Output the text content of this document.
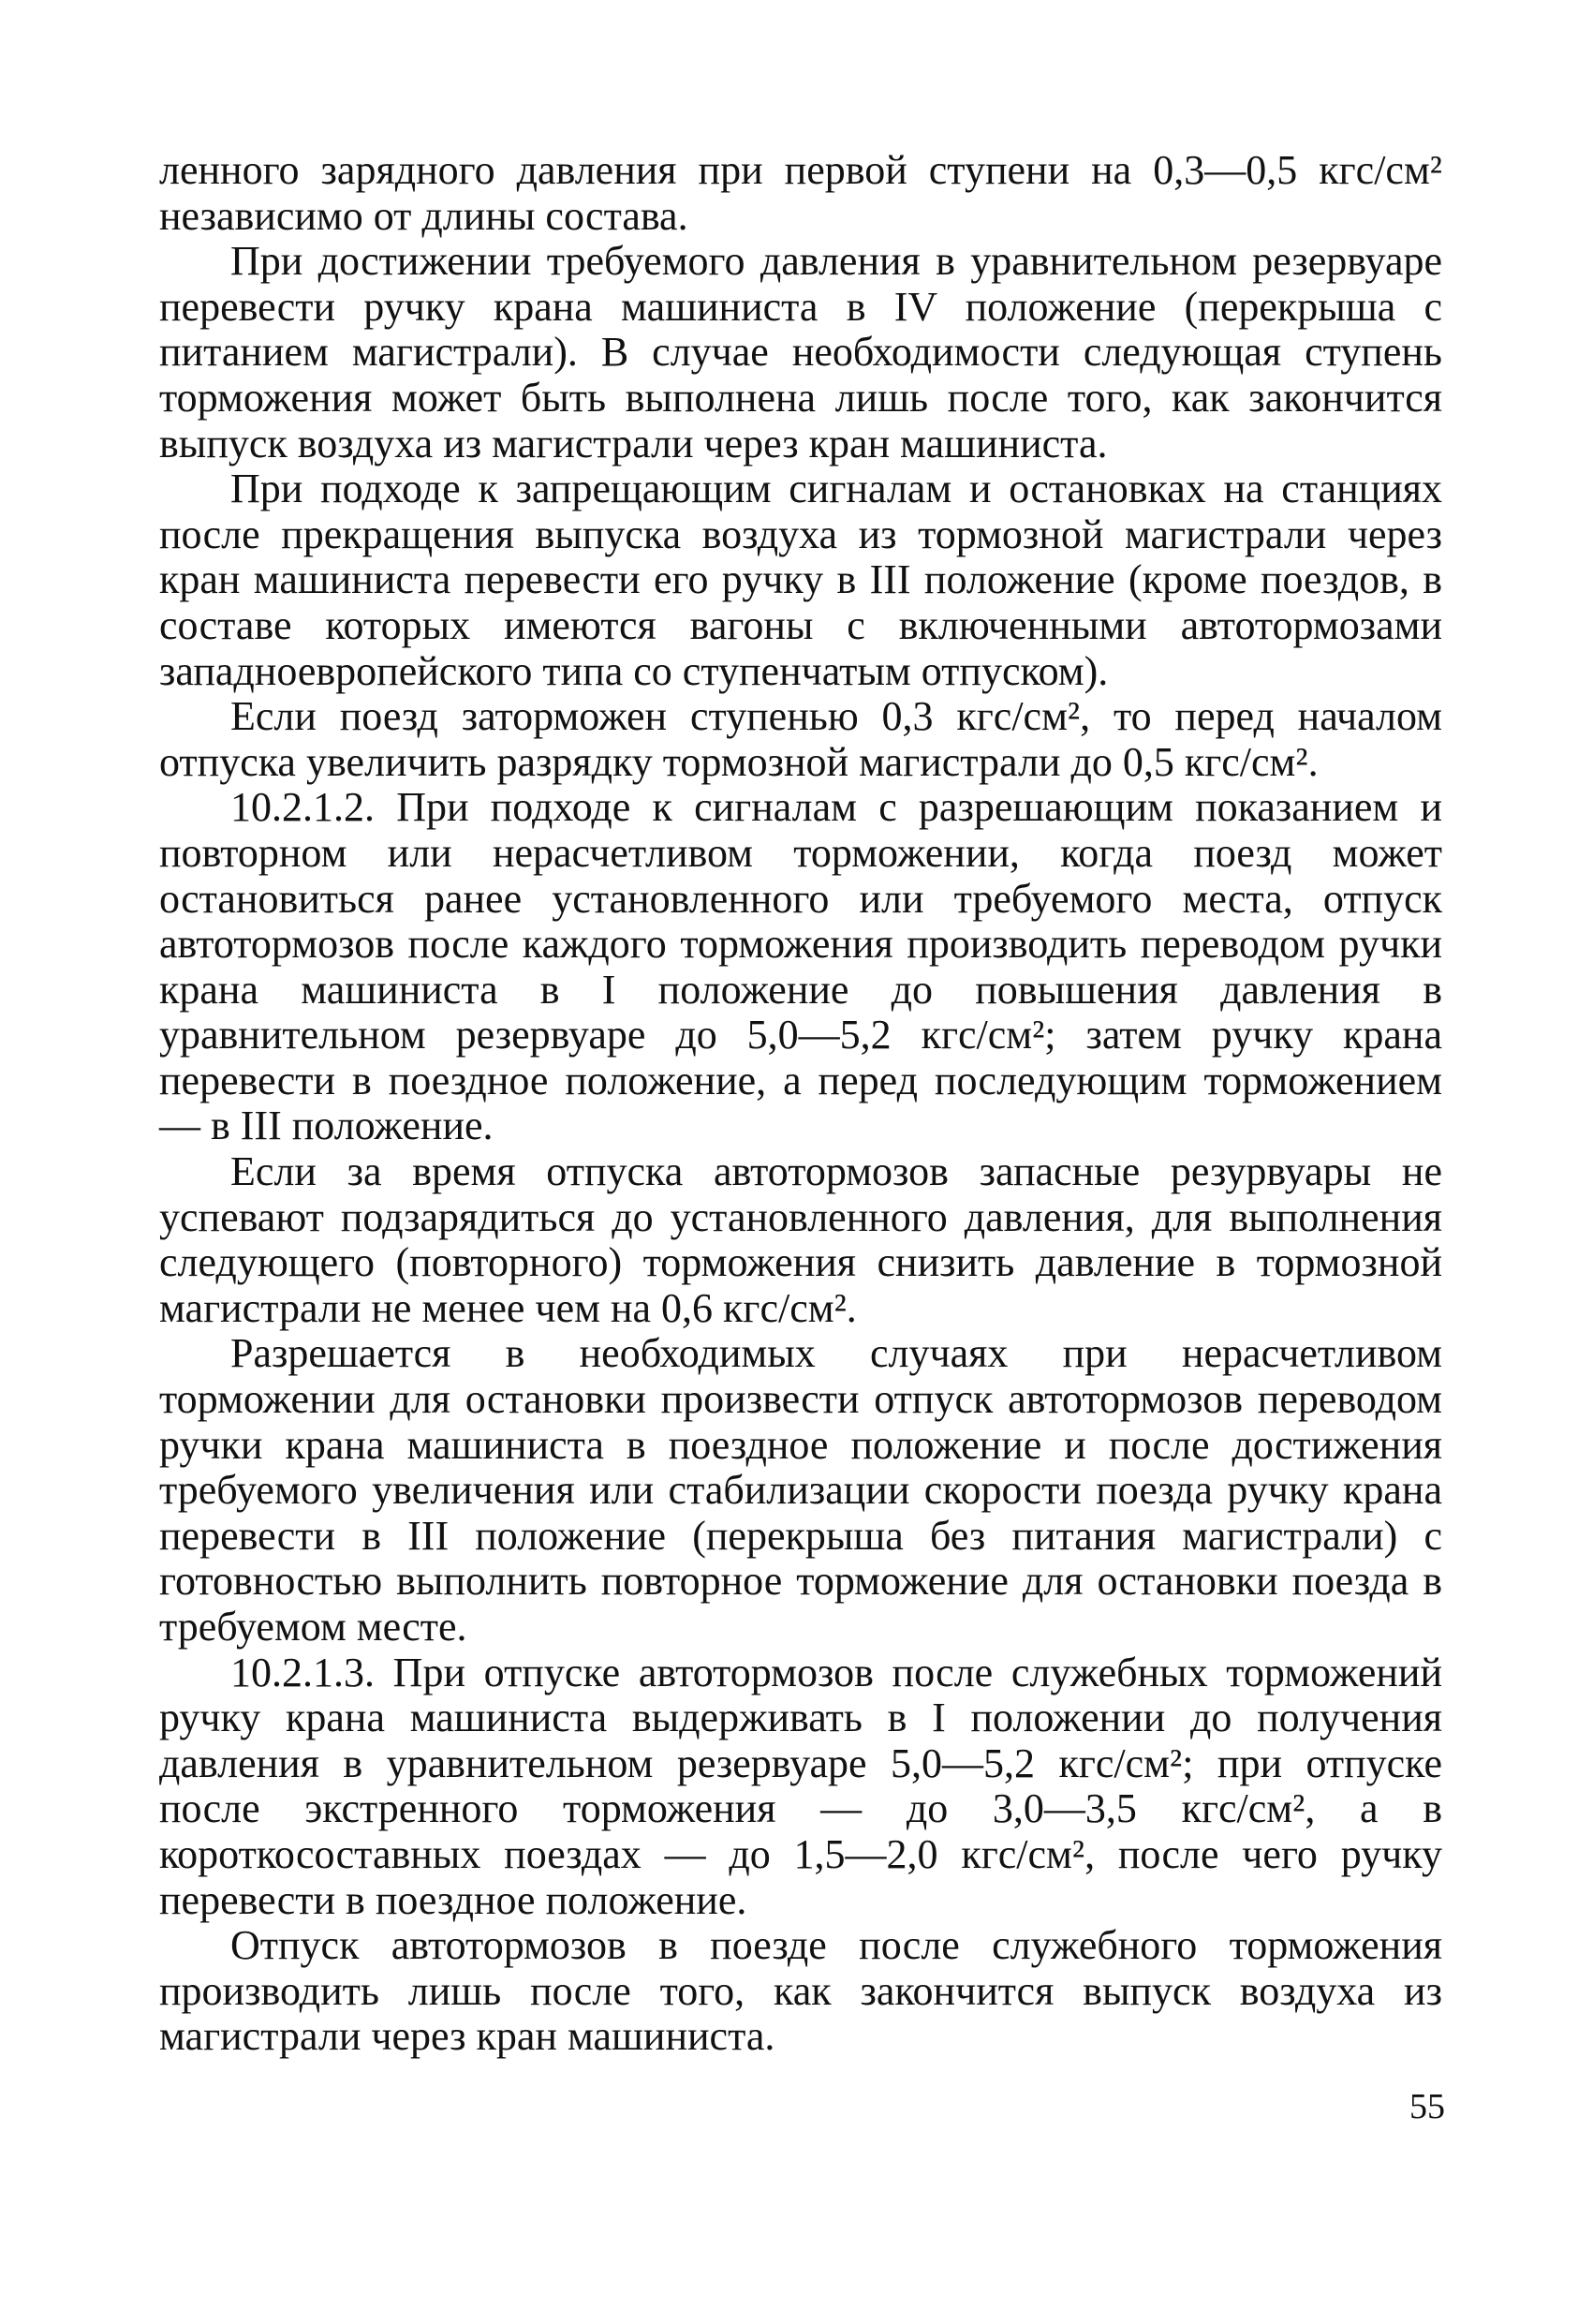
ленного зарядного давления при первой ступени на 0,3—0,5 кгс/см² независимо от длины состава.

При достижении требуемого давления в уравнительном резервуаре перевести ручку крана машиниста в IV положение (перекрыша с питанием магистрали). В случае необходимости следующая ступень торможения может быть выполнена лишь после того, как закончится выпуск воздуха из магистрали через кран машиниста.

При подходе к запрещающим сигналам и остановках на станциях после прекращения выпуска воздуха из тормозной магистрали через кран машиниста перевести его ручку в III положение (кроме поездов, в составе которых имеются вагоны с включенными автотормозами западноевропейского типа со ступенчатым отпуском).

Если поезд заторможен ступенью 0,3 кгс/см², то перед началом отпуска увеличить разрядку тормозной магистрали до 0,5 кгс/см².

10.2.1.2. При подходе к сигналам с разрешающим показанием и повторном или нерасчетливом торможении, когда поезд может остановиться ранее установленного или требуемого места, отпуск автотормозов после каждого торможения производить переводом ручки крана машиниста в I положение до повышения давления в уравнительном резервуаре до 5,0—5,2 кгс/см²; затем ручку крана перевести в поездное положение, а перед последующим торможением — в III положение.

Если за время отпуска автотормозов запасные резурвуары не успевают подзарядиться до установленного давления, для выполнения следующего (повторного) торможения снизить давление в тормозной магистрали не менее чем на 0,6 кгс/см².

Разрешается в необходимых случаях при нерасчетливом торможении для остановки произвести отпуск автотормозов переводом ручки крана машиниста в поездное положение и после достижения требуемого увеличения или стабилизации скорости поезда ручку крана перевести в III положение (перекрыша без питания магистрали) с готовностью выполнить повторное торможение для остановки поезда в требуемом месте.

10.2.1.3. При отпуске автотормозов после служебных торможений ручку крана машиниста выдерживать в I положении до получения давления в уравнительном резервуаре 5,0—5,2 кгс/см²; при отпуске после экстренного торможения — до 3,0—3,5 кгс/см², а в короткосоставных поездах — до 1,5—2,0 кгс/см², после чего ручку перевести в поездное положение.

Отпуск автотормозов в поезде после служебного торможения производить лишь после того, как закончится выпуск воздуха из магистрали через кран машиниста.

55
